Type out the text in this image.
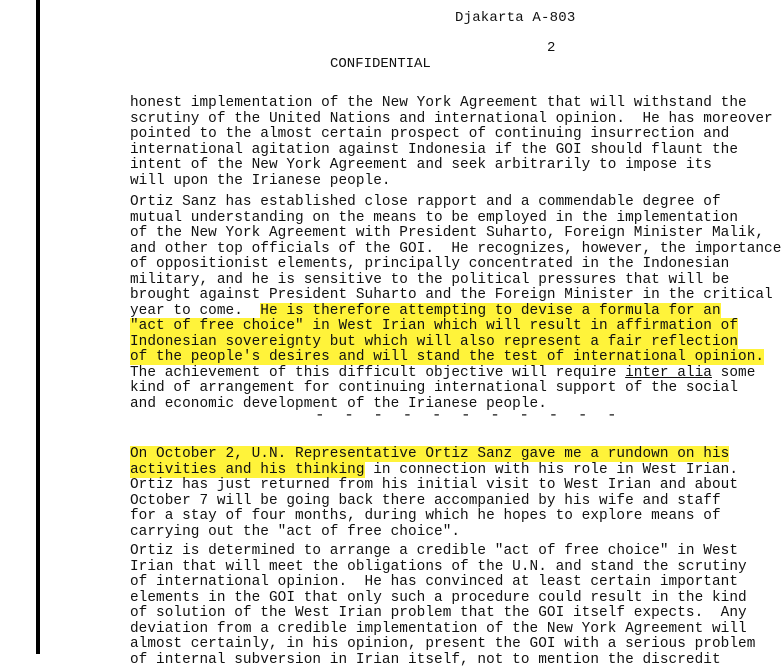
Djakarta A-803
2
CONFIDENTIAL
honest implementation of the New York Agreement that will withstand the
scrutiny of the United Nations and international opinion.  He has moreover
pointed to the almost certain prospect of continuing insurrection and
international agitation against Indonesia if the GOI should flaunt the
intent of the New York Agreement and seek arbitrarily to impose its
will upon the Irianese people.
Ortiz Sanz has established close rapport and a commendable degree of
mutual understanding on the means to be employed in the implementation
of the New York Agreement with President Suharto, Foreign Minister Malik,
and other top officials of the GOI.  He recognizes, however, the importance
of oppositionist elements, principally concentrated in the Indonesian
military, and he is sensitive to the political pressures that will be
brought against President Suharto and the Foreign Minister in the critical
year to come.  He is therefore attempting to devise a formula for an
"act of free choice" in West Irian which will result in affirmation of
Indonesian sovereignty but which will also represent a fair reflection
of the people's desires and will stand the test of international opinion.
The achievement of this difficult objective will require inter alia some
kind of arrangement for continuing international support of the social
and economic development of the Irianese people.
- - - - - - - - - - -
On October 2, U.N. Representative Ortiz Sanz gave me a rundown on his
activities and his thinking in connection with his role in West Irian.
Ortiz has just returned from his initial visit to West Irian and about
October 7 will be going back there accompanied by his wife and staff
for a stay of four months, during which he hopes to explore means of
carrying out the "act of free choice".
Ortiz is determined to arrange a credible "act of free choice" in West
Irian that will meet the obligations of the U.N. and stand the scrutiny
of international opinion.  He has convinced at least certain important
elements in the GOI that only such a procedure could result in the kind
of solution of the West Irian problem that the GOI itself expects.  Any
deviation from a credible implementation of the New York Agreement will
almost certainly, in his opinion, present the GOI with a serious problem
of internal subversion in Irian itself, not to mention the discredit
